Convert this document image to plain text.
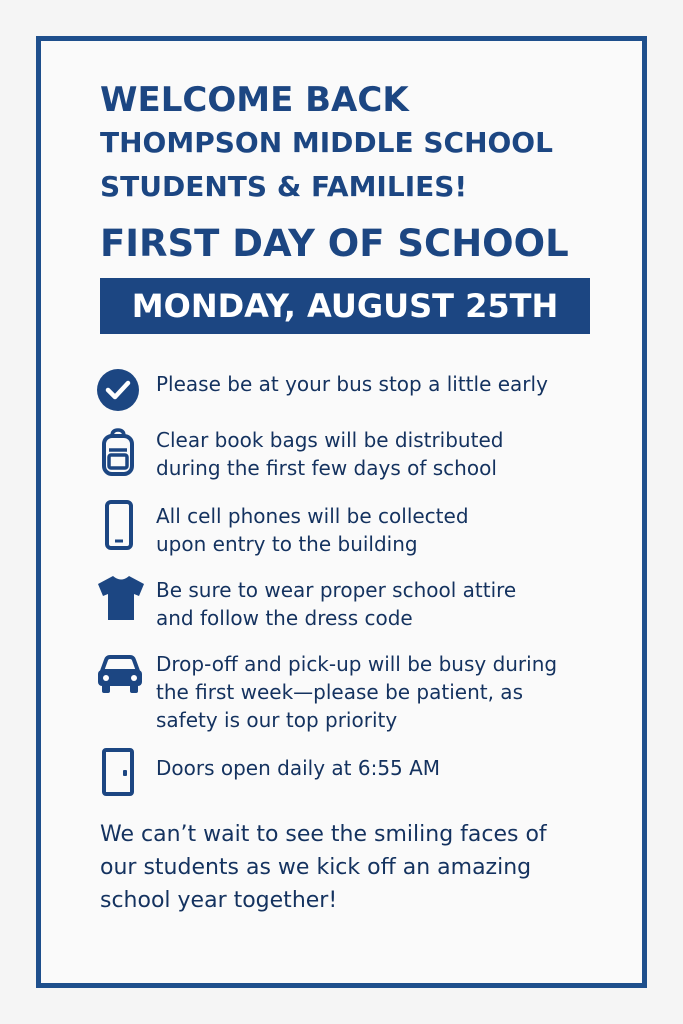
WELCOME BACK
THOMPSON MIDDLE SCHOOL
STUDENTS & FAMILIES!
FIRST DAY OF SCHOOL
MONDAY, AUGUST 25TH
Please be at your bus stop a little early
Clear book bags will be distributed
during the first few days of school
All cell phones will be collected
upon entry to the building
Be sure to wear proper school attire
and follow the dress code
Drop-off and pick-up will be busy during
the first week—please be patient, as
safety is our top priority
Doors open daily at 6:55 AM
We can’t wait to see the smiling faces of
our students as we kick off an amazing
school year together!
